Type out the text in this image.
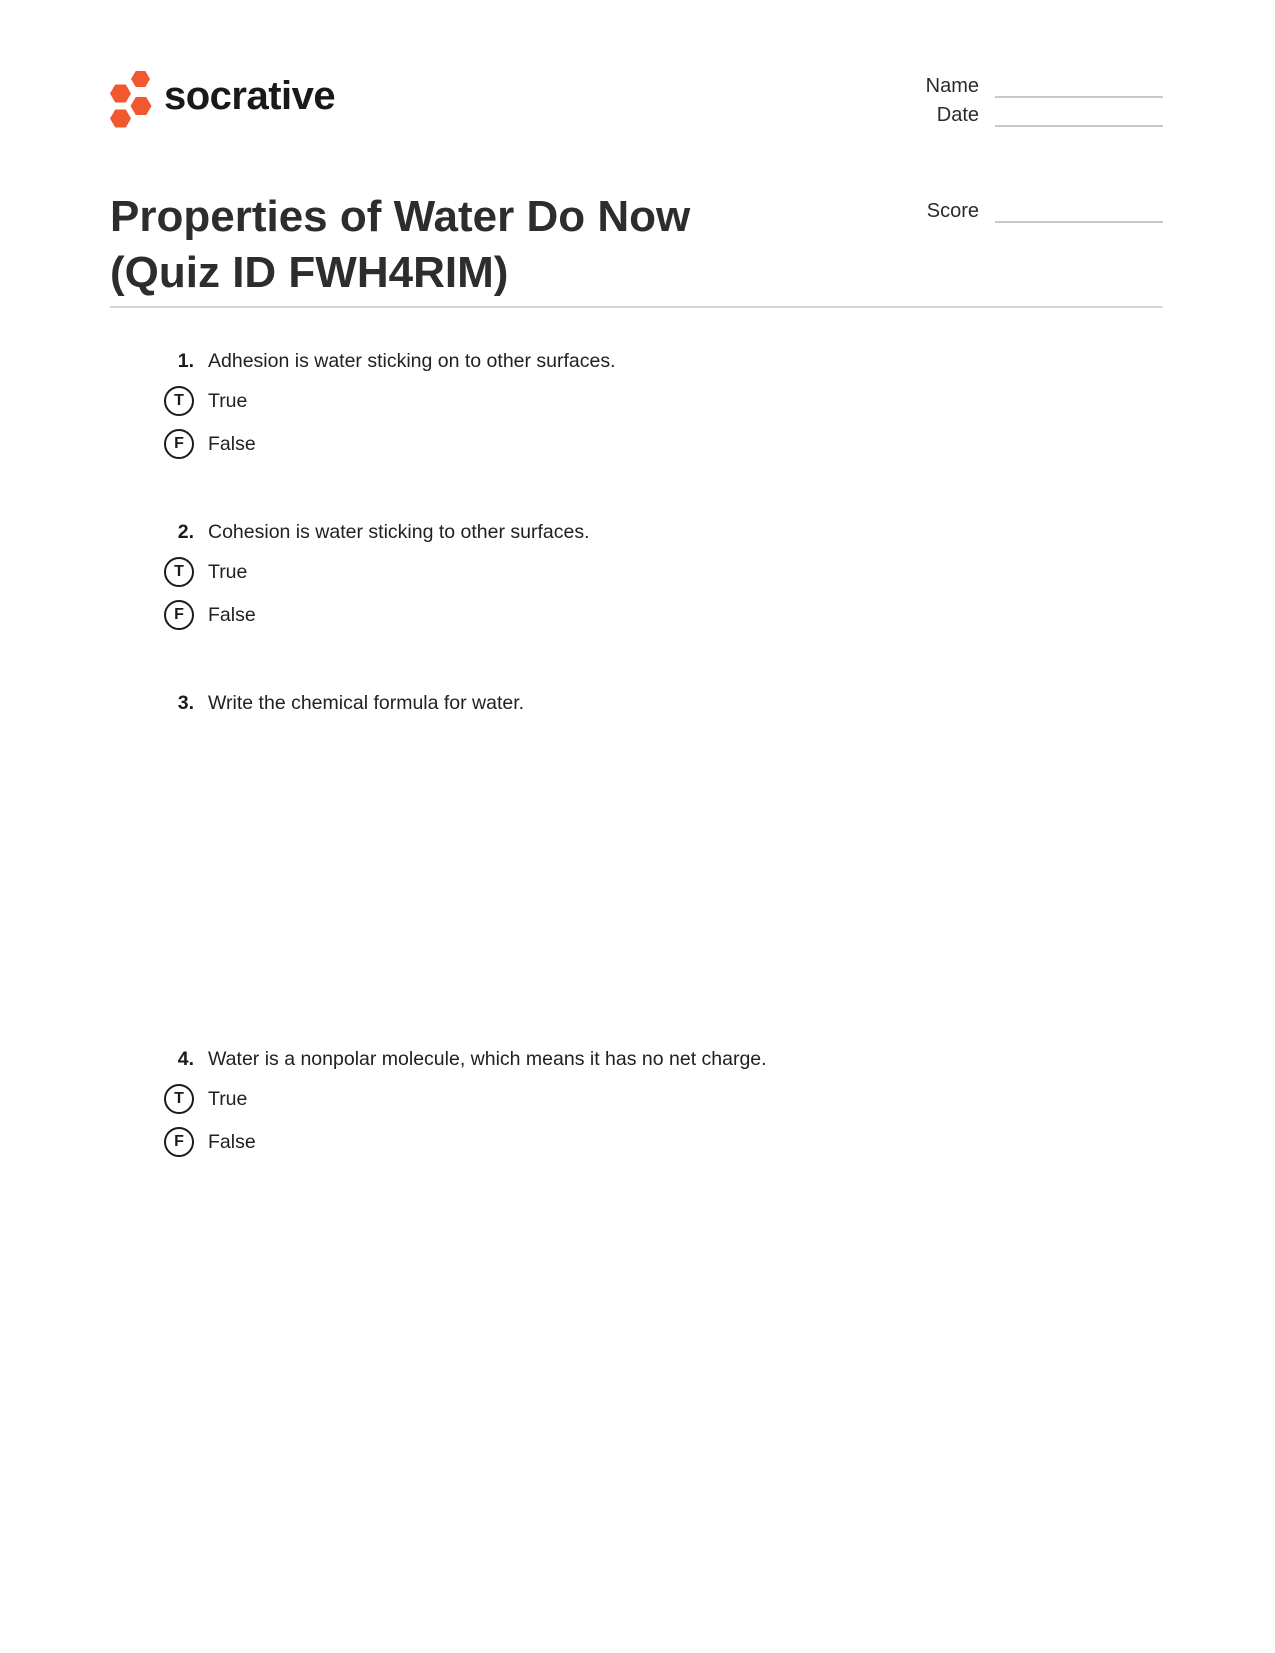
socrative	Name
Date
Properties of Water Do Now (Quiz ID FWH4RIM)
Score
1. Adhesion is water sticking on to other surfaces.
T True
F False
2. Cohesion is water sticking to other surfaces.
T True
F False
3. Write the chemical formula for water.
4. Water is a nonpolar molecule, which means it has no net charge.
T True
F False
